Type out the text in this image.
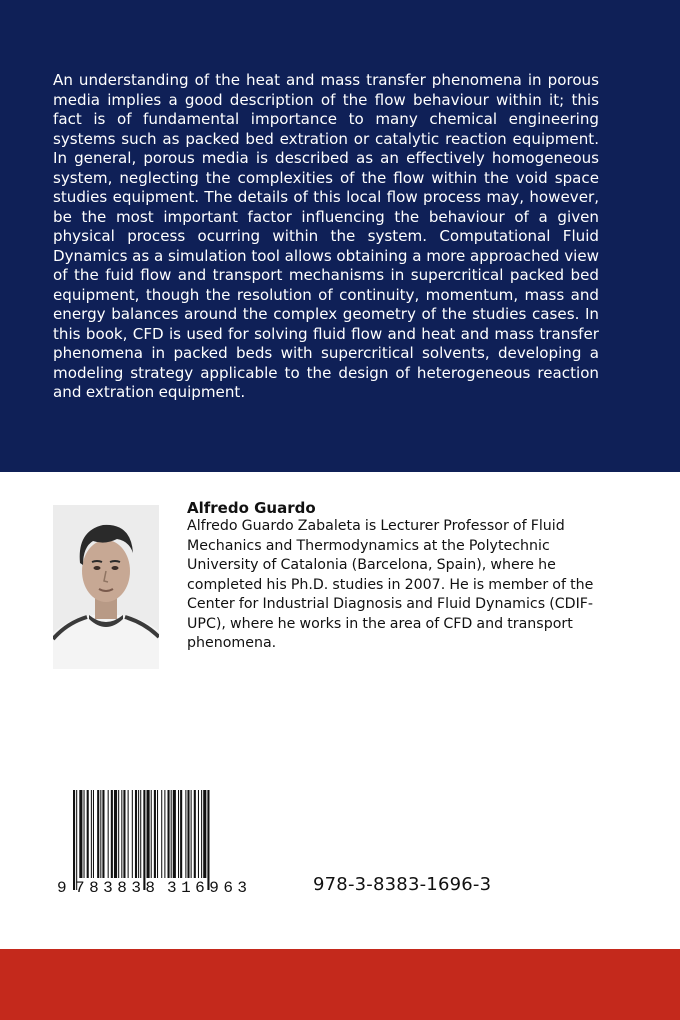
An understanding of the heat and mass transfer phenomena in porous media implies a good description of the flow behaviour within it; this fact is of fundamental importance to many chemical engineering systems such as packed bed extration or catalytic reaction equipment. In general, porous media is described as an effectively homogeneous system, neglecting the complexities of the flow within the void space studies equipment. The details of this local flow process may, however, be the most important factor influencing the behaviour of a given physical process ocurring within the system. Computational Fluid Dynamics as a simulation tool allows obtaining a more approached view of the fuid flow and transport mechanisms in supercritical packed bed equipment, though the resolution of continuity, momentum, mass and energy balances around the complex geometry of the studies cases. In this book, CFD is used for solving fluid flow and heat and mass transfer phenomena in packed beds with supercritical solvents, developing a modeling strategy applicable to the design of heterogeneous reaction and extration equipment.

Alfredo Guardo

Alfredo Guardo Zabaleta is Lecturer Professor of Fluid Mechanics and Thermodynamics at the Polytechnic University of Catalonia (Barcelona, Spain), where he completed his Ph.D. studies in 2007. He is member of the Center for Industrial Diagnosis and Fluid Dynamics (CDIF-UPC), where he works in the area of CFD and transport phenomena.

9 783838 316963	978-3-8383-1696-3
